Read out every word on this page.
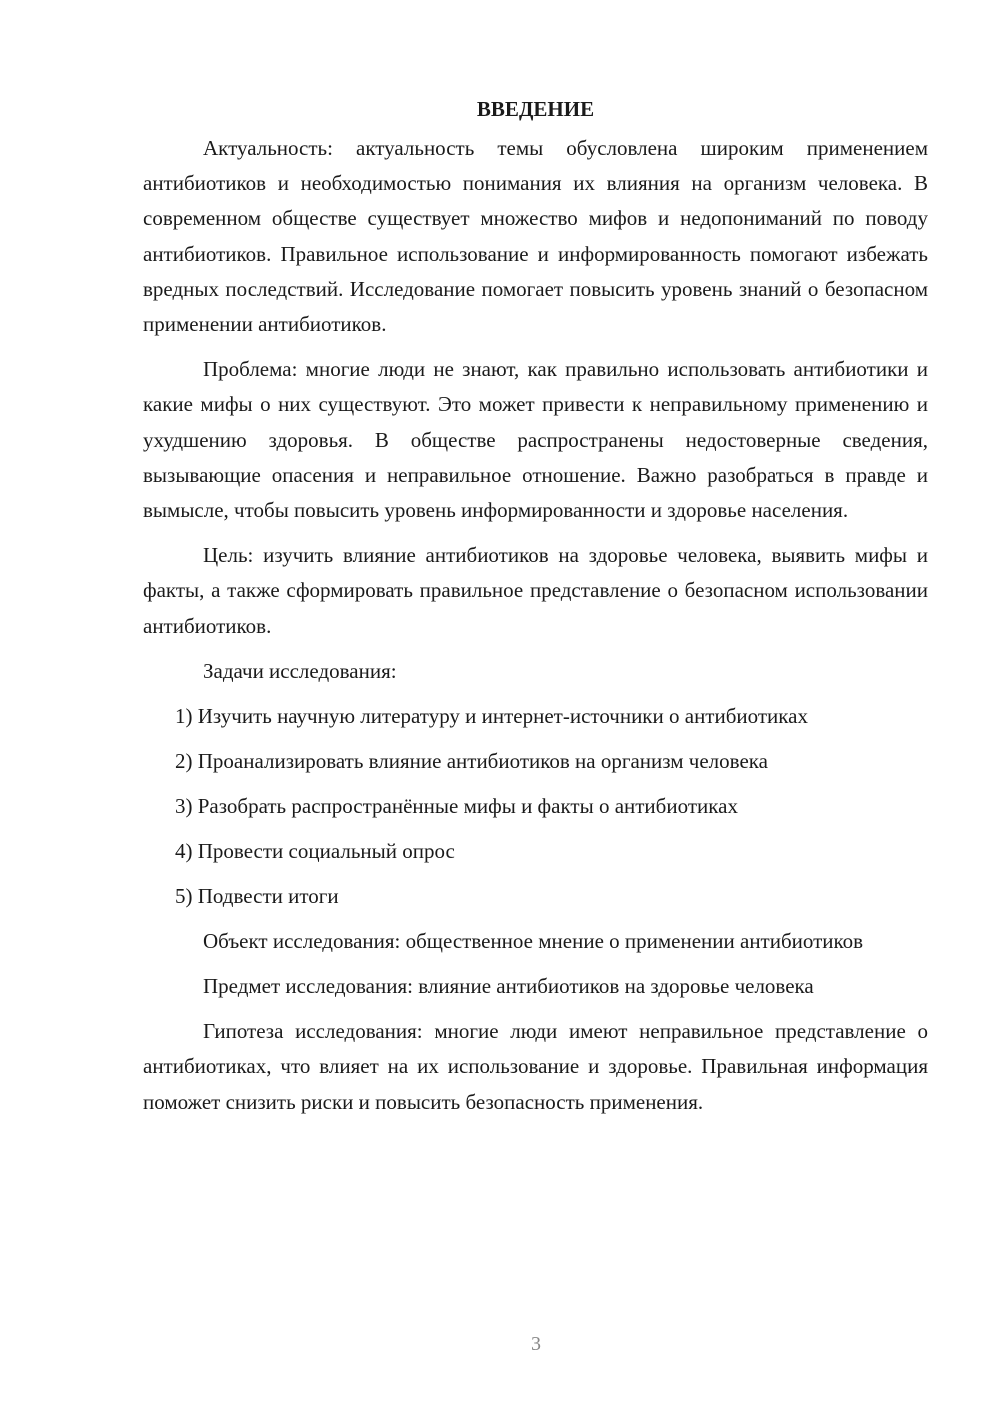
ВВЕДЕНИЕ

Актуальность: актуальность темы обусловлена широким применением антибиотиков и необходимостью понимания их влияния на организм человека. В современном обществе существует множество мифов и недопониманий по поводу антибиотиков. Правильное использование и информированность помогают избежать вредных последствий. Исследование помогает повысить уровень знаний о безопасном применении антибиотиков.

Проблема: многие люди не знают, как правильно использовать антибиотики и какие мифы о них существуют. Это может привести к неправильному применению и ухудшению здоровья. В обществе распространены недостоверные сведения, вызывающие опасения и неправильное отношение. Важно разобраться в правде и вымысле, чтобы повысить уровень информированности и здоровье населения.

Цель: изучить влияние антибиотиков на здоровье человека, выявить мифы и факты, а также сформировать правильное представление о безопасном использовании антибиотиков.

Задачи исследования:
1) Изучить научную литературу и интернет-источники о антибиотиках
2) Проанализировать влияние антибиотиков на организм человека
3) Разобрать распространённые мифы и факты о антибиотиках
4) Провести социальный опрос
5) Подвести итоги

Объект исследования: общественное мнение о применении антибиотиков

Предмет исследования: влияние антибиотиков на здоровье человека

Гипотеза исследования: многие люди имеют неправильное представление о антибиотиках, что влияет на их использование и здоровье. Правильная информация поможет снизить риски и повысить безопасность применения.

3
